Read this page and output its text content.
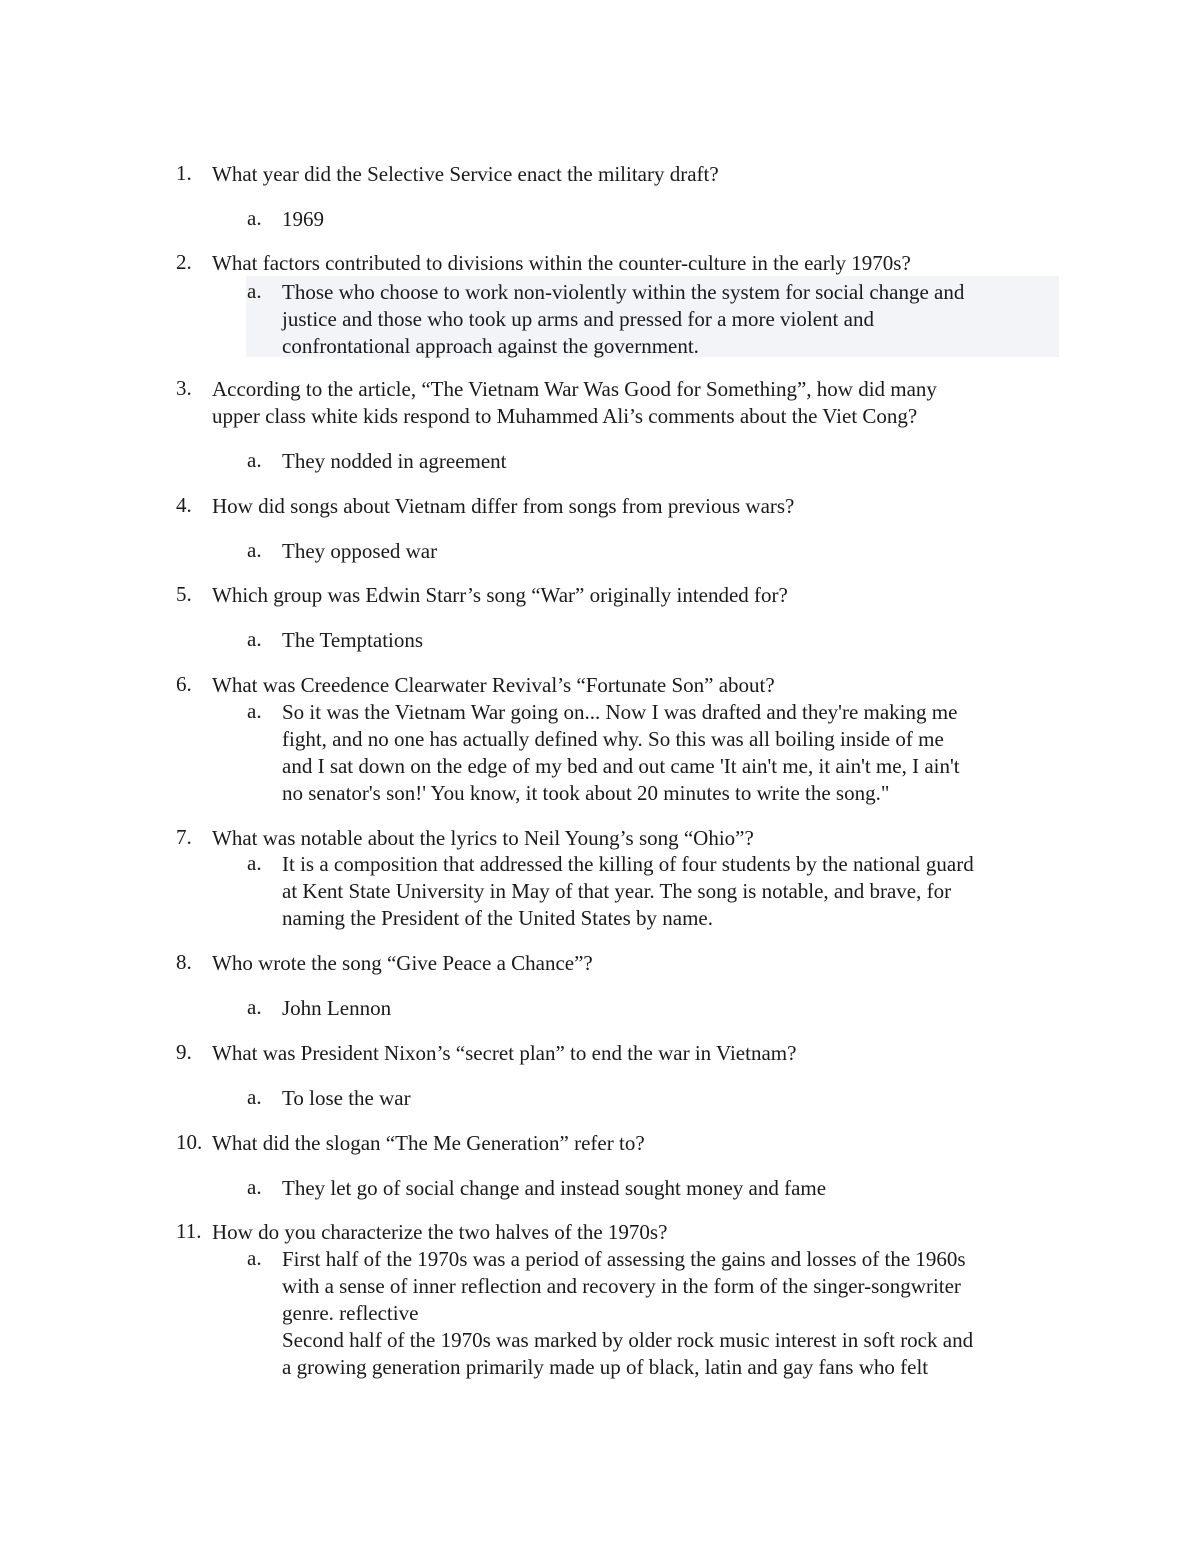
1. What year did the Selective Service enact the military draft?
a. 1969
2. What factors contributed to divisions within the counter-culture in the early 1970s?
a. Those who choose to work non-violently within the system for social change and
justice and those who took up arms and pressed for a more violent and
confrontational approach against the government.
3. According to the article, “The Vietnam War Was Good for Something”, how did many
upper class white kids respond to Muhammed Ali’s comments about the Viet Cong?
a. They nodded in agreement
4. How did songs about Vietnam differ from songs from previous wars?
a. They opposed war
5. Which group was Edwin Starr’s song “War” originally intended for?
a. The Temptations
6. What was Creedence Clearwater Revival’s “Fortunate Son” about?
a. So it was the Vietnam War going on... Now I was drafted and they're making me
fight, and no one has actually defined why. So this was all boiling inside of me
and I sat down on the edge of my bed and out came 'It ain't me, it ain't me, I ain't
no senator's son!' You know, it took about 20 minutes to write the song."
7. What was notable about the lyrics to Neil Young’s song “Ohio”?
a. It is a composition that addressed the killing of four students by the national guard
at Kent State University in May of that year. The song is notable, and brave, for
naming the President of the United States by name.
8. Who wrote the song “Give Peace a Chance”?
a. John Lennon
9. What was President Nixon’s “secret plan” to end the war in Vietnam?
a. To lose the war
10. What did the slogan “The Me Generation” refer to?
a. They let go of social change and instead sought money and fame
11. How do you characterize the two halves of the 1970s?
a. First half of the 1970s was a period of assessing the gains and losses of the 1960s
with a sense of inner reflection and recovery in the form of the singer-songwriter
genre. reflective
Second half of the 1970s was marked by older rock music interest in soft rock and
a growing generation primarily made up of black, latin and gay fans who felt
